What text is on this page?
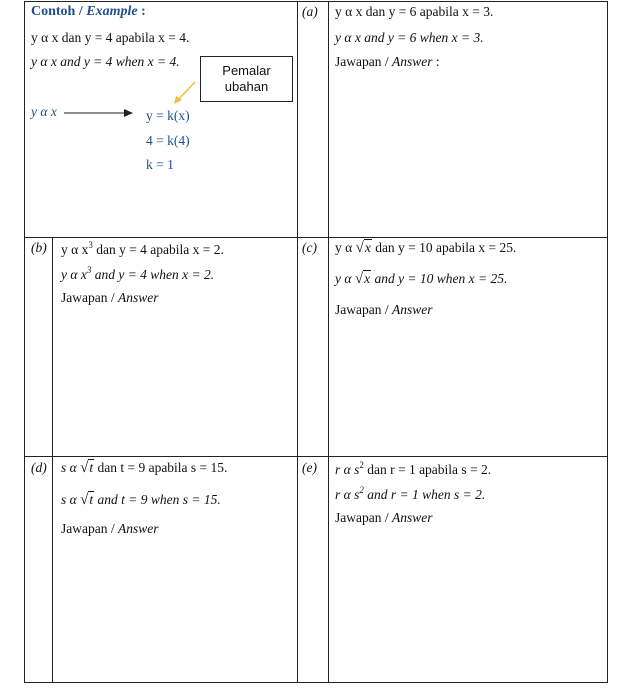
Contoh / Example :
y α x dan y = 4 apabila x = 4.
y α x and y = 4 when x = 4.
Pemalar
ubahan
y α x	y = k(x)
4 = k(4)
k = 1
(a) y α x dan y = 6 apabila x = 3.
y α x and y = 6 when x = 3.
Jawapan / Answer :
(b) y α $x^3$ dan y = 4 apabila x = 2.
y α $x^3$ and y = 4 when x = 2.
Jawapan / Answer
(c) y α √x dan y = 10 apabila x = 25.
y α √x and y = 10 when x = 25.
Jawapan / Answer
(d) s α √t dan t = 9 apabila s = 15.
s α √t and t = 9 when s = 15.
Jawapan / Answer
(e) r α $s^2$ dan r = 1 apabila s = 2.
r α $s^2$ and r = 1 when s = 2.
Jawapan / Answer
